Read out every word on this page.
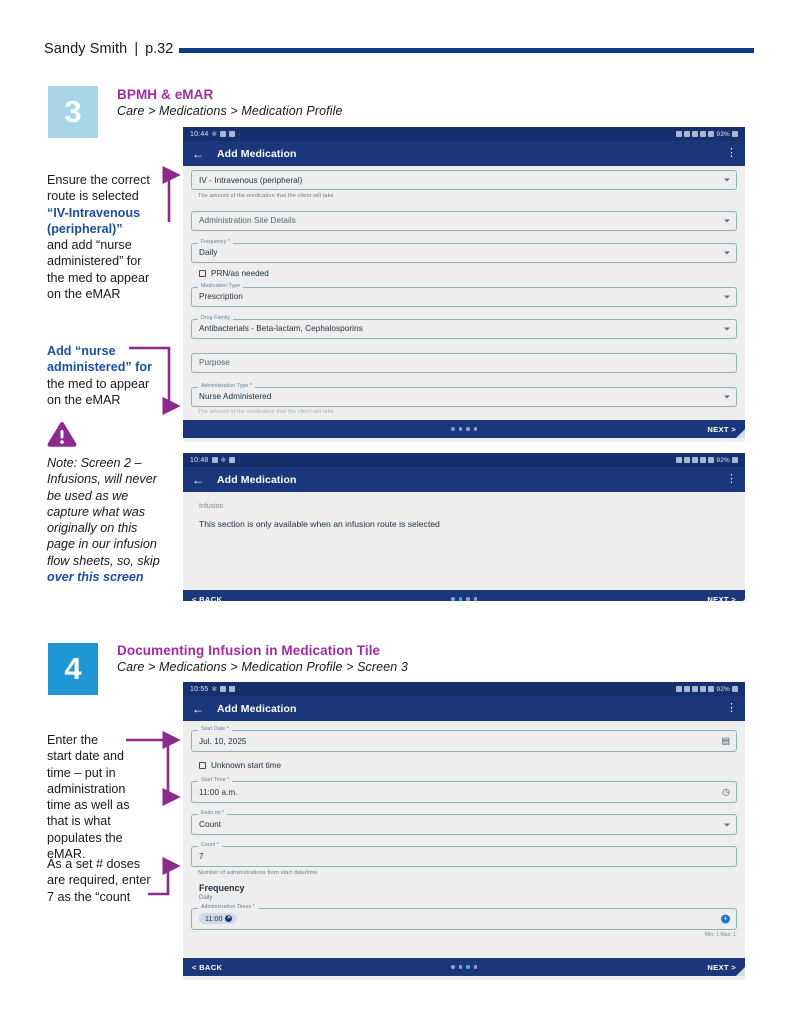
Sandy Smith | p.32
3	BPMH & eMAR
Care > Medications > Medication Profile
Ensure the correct
route is selected
“IV-Intravenous
(peripheral)”
and add “nurse
administered” for
the med to appear
on the eMAR
Add “nurse
administered” for
the med to appear
on the eMAR
Note: Screen 2 –
Infusions, will never
be used as we
capture what was
originally on this
page in our infusion
flow sheets, so, skip
over this screen
10:44 ✻	·	93%
← Add Medication	⋮
IV - Intravenous (peripheral)
The amount of the medication that the client will take
Administration Site Details
Frequency *
Daily
PRN/as needed
Medication Type
Prescription
Drug Family
Antibacterials - Beta-lactam, Cephalosporins
Purpose
Administration Type *
Nurse Administered
The amount of the medication that the client will take
NEXT >
10:48 ✻ ·	92%
← Add Medication	⋮
Infusion
This section is only available when an infusion route is selected
< BACK	NEXT >
4
Documenting Infusion in Medication Tile
Care > Medications > Medication Profile > Screen 3
Enter the
start date and
time – put in
administration
time as well as
that is what
populates the
eMAR.
As a set # doses
are required, enter
7 as the “count
10:55 ✻	·	92%
← Add Medication	⋮
Start Date *
Jul. 10, 2025	▤
Unknown start time
Start Time *
11:00 a.m.	◷
Ends on *
Count
Count *
7
Number of administrations from start date/time
Frequency
Daily
Administration Times *
11:00 ✕	+
Min: 1 Max: 1
< BACK	NEXT >
